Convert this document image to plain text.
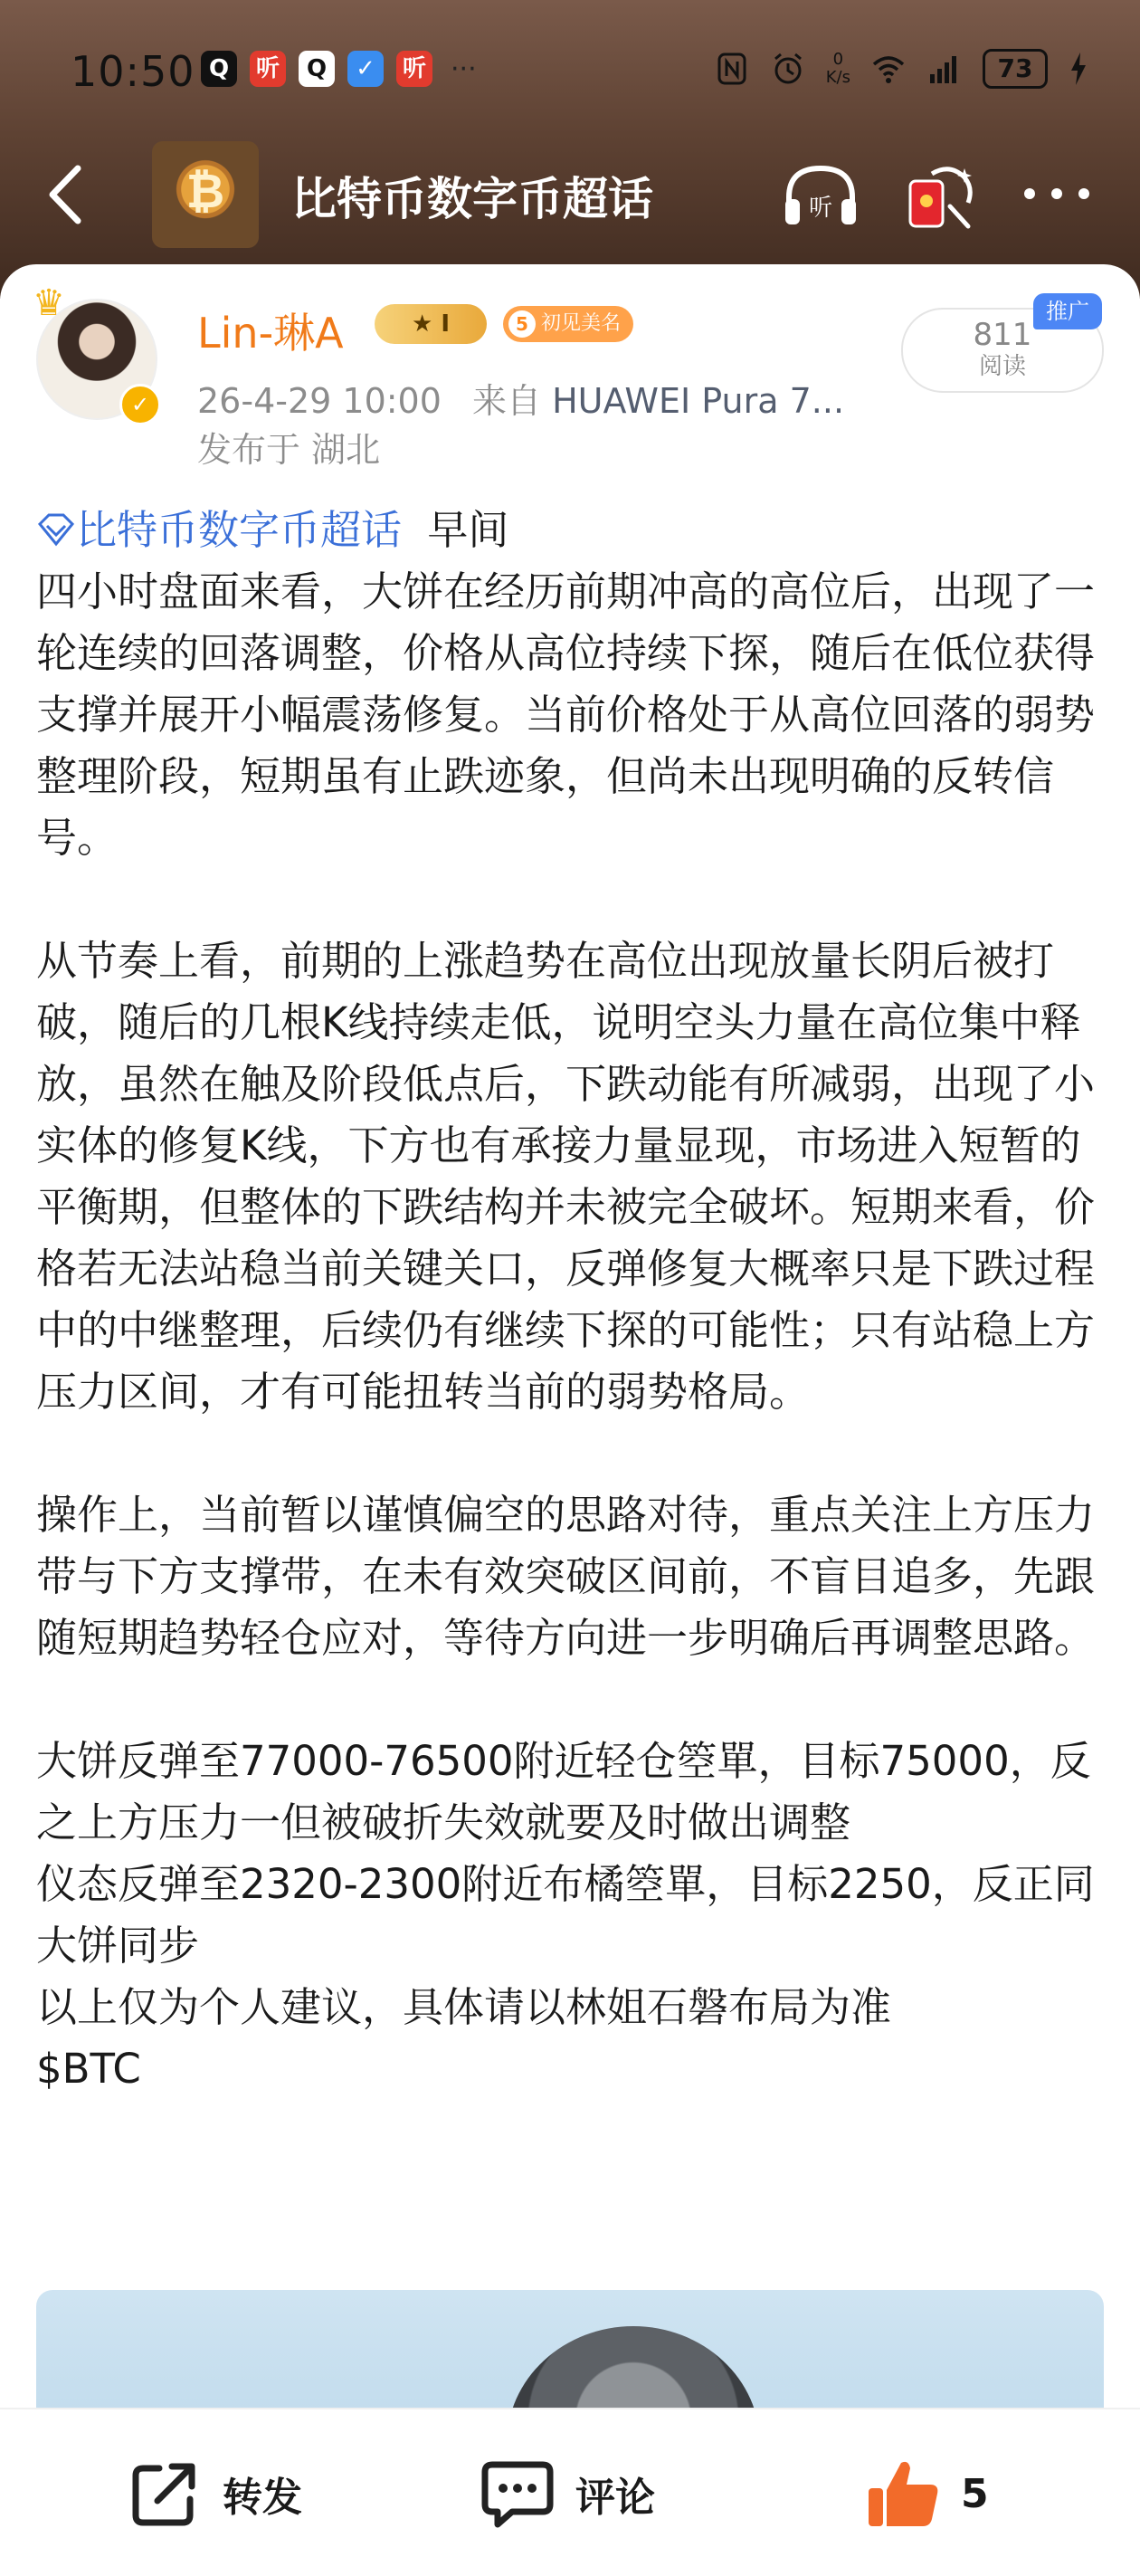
10:50 Q	听	Q	✓	听 ···	0
K/s	73
₿	比特币数字币超话	听
♛
✓
Lin-琳A	★ I	5 初见美名
26-4-29 10:00 来自 HUAWEI Pura 7...
发布于 湖北
811
阅读
推广

比特币数字币超话 早间

四小时盘面来看，大饼在经历前期冲高的高位后，出现了一轮连续的回落调整，价格从高位持续下探，随后在低位获得支撑并展开小幅震荡修复。当前价格处于从高位回落的弱势整理阶段，短期虽有止跌迹象，但尚未出现明确的反转信号。

从节奏上看，前期的上涨趋势在高位出现放量长阴后被打破，随后的几根K线持续走低，说明空头力量在高位集中释放，虽然在触及阶段低点后，下跌动能有所减弱，出现了小实体的修复K线，下方也有承接力量显现，市场进入短暂的平衡期，但整体的下跌结构并未被完全破坏。短期来看，价格若无法站稳当前关键关口，反弹修复大概率只是下跌过程中的中继整理，后续仍有继续下探的可能性；只有站稳上方压力区间，才有可能扭转当前的弱势格局。

操作上，当前暂以谨慎偏空的思路对待，重点关注上方压力带与下方支撑带，在未有效突破区间前，不盲目追多，先跟随短期趋势轻仓应对，等待方向进一步明确后再调整思路。

大饼反弹至77000-76500附近轻仓箜單，目标75000，反之上方压力一但被破折失效就要及时做出调整

仪态反弹至2320-2300附近布橘箜單，目标2250，反正同大饼同步

以上仅为个人建议，具体请以林姐石磐布局为准

$BTC

转发	评论	5
